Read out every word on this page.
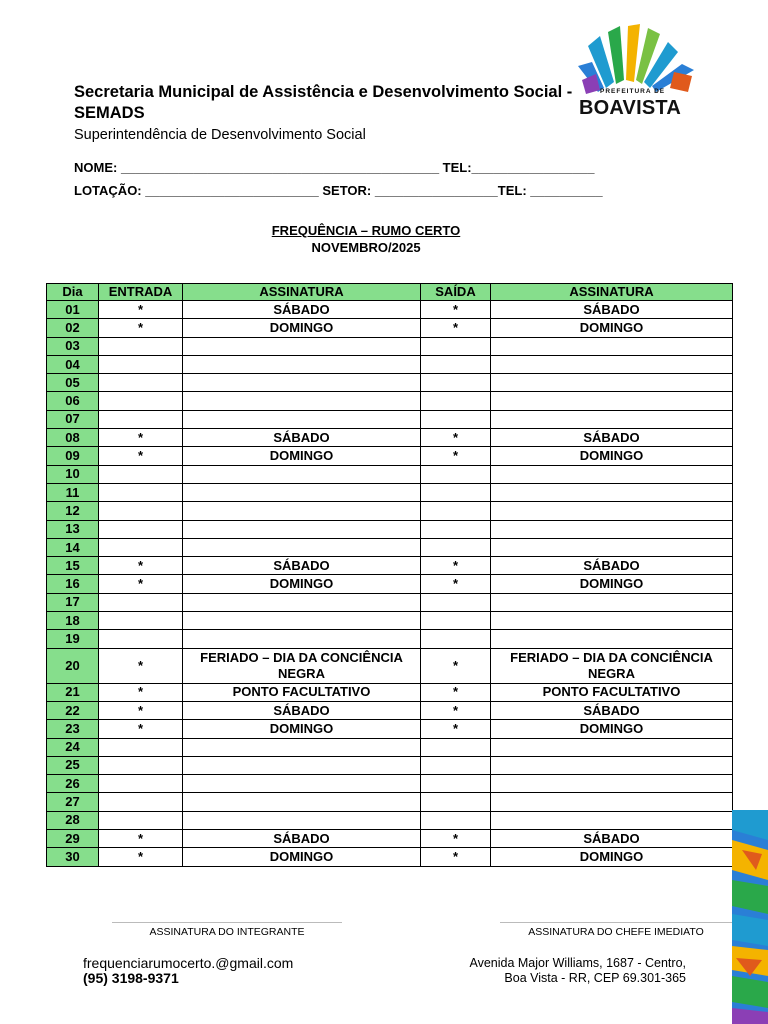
Secretaria Municipal de Assistência e Desenvolvimento Social - SEMADS
Superintendência de Desenvolvimento Social
PREFEITURA DE
BOAVISTA
NOME: ____________________________________________ TEL:_________________
LOTAÇÃO: ________________________ SETOR: _________________TEL: __________
FREQUÊNCIA – RUMO CERTO
NOVEMBRO/2025
Dia	ENTRADA	ASSINATURA	SAÍDA	ASSINATURA
01	*	SÁBADO	*	SÁBADO
02	*	DOMINGO	*	DOMINGO
03				
04				
05				
06				
07				
08	*	SÁBADO	*	SÁBADO
09	*	DOMINGO	*	DOMINGO
10				
11				
12				
13				
14				
15	*	SÁBADO	*	SÁBADO
16	*	DOMINGO	*	DOMINGO
17				
18				
19				
20	*	FERIADO – DIA DA CONCIÊNCIA NEGRA	*	FERIADO – DIA DA CONCIÊNCIA NEGRA
21	*	PONTO FACULTATIVO	*	PONTO FACULTATIVO
22	*	SÁBADO	*	SÁBADO
23	*	DOMINGO	*	DOMINGO
24				
25				
26				
27				
28				
29	*	SÁBADO	*	SÁBADO
30	*	DOMINGO	*	DOMINGO
ASSINATURA DO INTEGRANTE	ASSINATURA DO CHEFE IMEDIATO
frequenciarumocerto.@gmail.com
(95) 3198-9371
Avenida Major Williams, 1687 - Centro,
Boa Vista - RR, CEP 69.301-365
